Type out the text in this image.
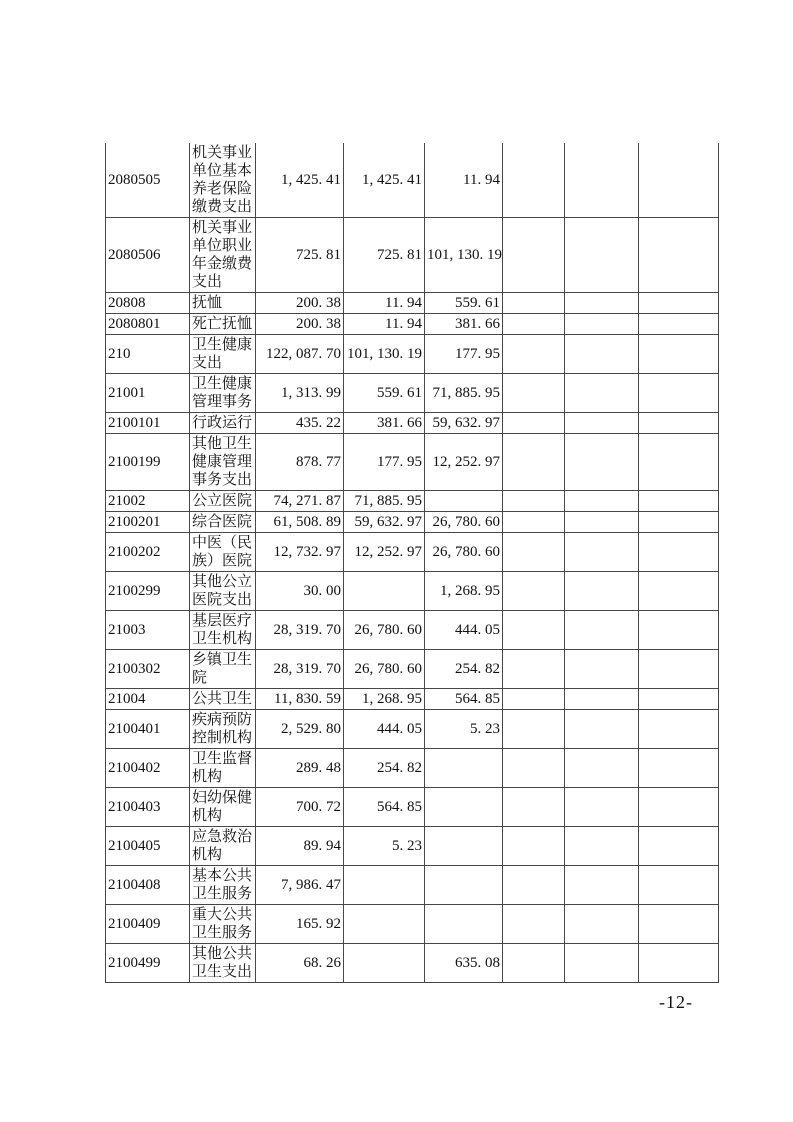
2080505	机关事业单位基本养老保险缴费支出	1, 425. 41	1, 425. 41	11. 94			
2080506	机关事业单位职业年金缴费支出	725. 81	725. 81	101, 130. 19			
20808	抚恤	200. 38	11. 94	559. 61			
2080801	死亡抚恤	200. 38	11. 94	381. 66			
210	卫生健康支出	122, 087. 70	101, 130. 19	177. 95			
21001	卫生健康管理事务	1, 313. 99	559. 61	71, 885. 95			
2100101	行政运行	435. 22	381. 66	59, 632. 97			
2100199	其他卫生健康管理事务支出	878. 77	177. 95	12, 252. 97			
21002	公立医院	74, 271. 87	71, 885. 95				
2100201	综合医院	61, 508. 89	59, 632. 97	26, 780. 60			
2100202	中医（民族）医院	12, 732. 97	12, 252. 97	26, 780. 60			
2100299	其他公立医院支出	30. 00		1, 268. 95			
21003	基层医疗卫生机构	28, 319. 70	26, 780. 60	444. 05			
2100302	乡镇卫生院	28, 319. 70	26, 780. 60	254. 82			
21004	公共卫生	11, 830. 59	1, 268. 95	564. 85			
2100401	疾病预防控制机构	2, 529. 80	444. 05	5. 23			
2100402	卫生监督机构	289. 48	254. 82				
2100403	妇幼保健机构	700. 72	564. 85				
2100405	应急救治机构	89. 94	5. 23				
2100408	基本公共卫生服务	7, 986. 47					
2100409	重大公共卫生服务	165. 92					
2100499	其他公共卫生支出	68. 26		635. 08			
-12-
